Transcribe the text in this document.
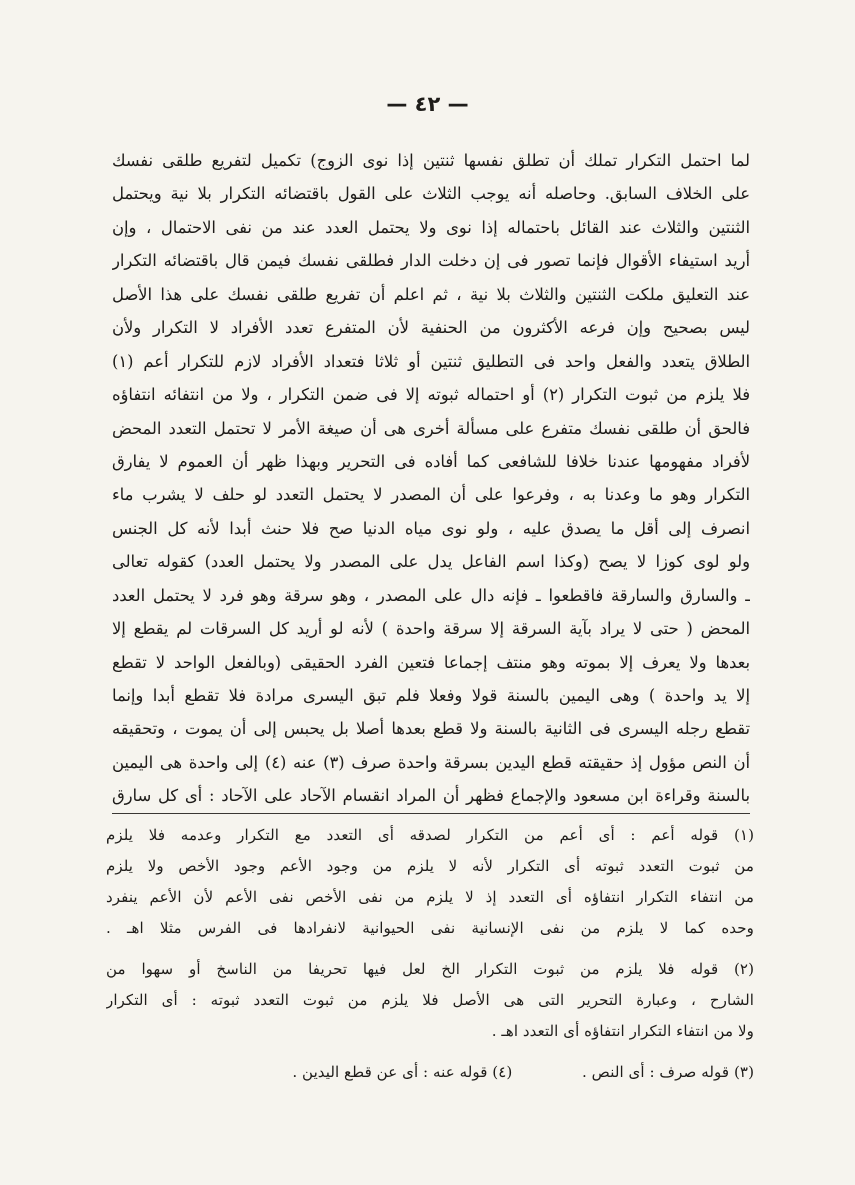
— ٤٢ —
لما احتمل التكرار تملك أن تطلق نفسها ثنتين إذا نوى الزوج) تكميل لتفريع طلقى نفسك
على الخلاف السابق. وحاصله أنه يوجب الثلاث على القول باقتضائه التكرار بلا نية ويحتمل
الثنتين والثلاث عند القائل باحتماله إذا نوى ولا يحتمل العدد عند من نفى الاحتمال ، وإن
أريد استيفاء الأقوال فإنما تصور فى إن دخلت الدار فطلقى نفسك فيمن قال باقتضائه التكرار
عند التعليق ملكت الثنتين والثلاث بلا نية ، ثم اعلم أن تفريع طلقى نفسك على هذا الأصل
ليس بصحيح وإن فرعه الأكثرون من الحنفية لأن المتفرع تعدد الأفراد لا التكرار ولأن
الطلاق يتعدد والفعل واحد فى التطليق ثنتين أو ثلاثا فتعداد الأفراد لازم للتكرار أعم (١)
فلا يلزم من ثبوت التكرار (٢) أو احتماله ثبوته إلا فى ضمن التكرار ، ولا من انتفائه انتفاؤه
فالحق أن طلقى نفسك متفرع على مسألة أخرى هى أن صيغة الأمر لا تحتمل التعدد المحض
لأفراد مفهومها عندنا خلافا للشافعى كما أفاده فى التحرير وبهذا ظهر أن العموم لا يفارق
التكرار وهو ما وعدنا به ، وفرعوا على أن المصدر لا يحتمل التعدد لو حلف لا يشرب ماء
انصرف إلى أقل ما يصدق عليه ، ولو نوى مياه الدنيا صح فلا حنث أبدا لأنه كل الجنس
ولو لوى كوزا لا يصح (وكذا اسم الفاعل يدل على المصدر ولا يحتمل العدد) كقوله تعالى
ـ والسارق والسارقة فاقطعوا ـ فإنه دال على المصدر ، وهو سرقة وهو فرد لا يحتمل العدد
المحض ( حتى لا يراد بآية السرقة إلا سرقة واحدة ) لأنه لو أريد كل السرقات لم يقطع إلا
بعدها ولا يعرف إلا بموته وهو منتف إجماعا فتعين الفرد الحقيقى (وبالفعل الواحد لا تقطع
إلا يد واحدة ) وهى اليمين بالسنة قولا وفعلا فلم تبق اليسرى مرادة فلا تقطع أبدا وإنما
تقطع رجله اليسرى فى الثانية بالسنة ولا قطع بعدها أصلا بل يحبس إلى أن يموت ، وتحقيقه
أن النص مؤول إذ حقيقته قطع اليدين بسرقة واحدة صرف (٣) عنه (٤) إلى واحدة هى اليمين
بالسنة وقراءة ابن مسعود والإجماع فظهر أن المراد انقسام الآحاد على الآحاد : أى كل سارق
(١) قوله أعم : أى أعم من التكرار لصدقه أى التعدد مع التكرار وعدمه فلا يلزم
من ثبوت التعدد ثبوته أى التكرار لأنه لا يلزم من وجود الأعم وجود الأخص ولا يلزم
من انتفاء التكرار انتفاؤه أى التعدد إذ لا يلزم من نفى الأخص نفى الأعم لأن الأعم ينفرد
وحده كما لا يلزم من نفى الإنسانية نفى الحيوانية لانفرادها فى الفرس مثلا اهـ .
(٢) قوله فلا يلزم من ثبوت التكرار الخ لعل فيها تحريفا من الناسخ أو سهوا من
الشارح ، وعبارة التحرير التى هى الأصل فلا يلزم من ثبوت التعدد ثبوته : أى التكرار
ولا من انتفاء التكرار انتفاؤه أى التعدد اهـ .
(٣) قوله صرف : أى النص .  (٤) قوله عنه : أى عن قطع اليدين .
